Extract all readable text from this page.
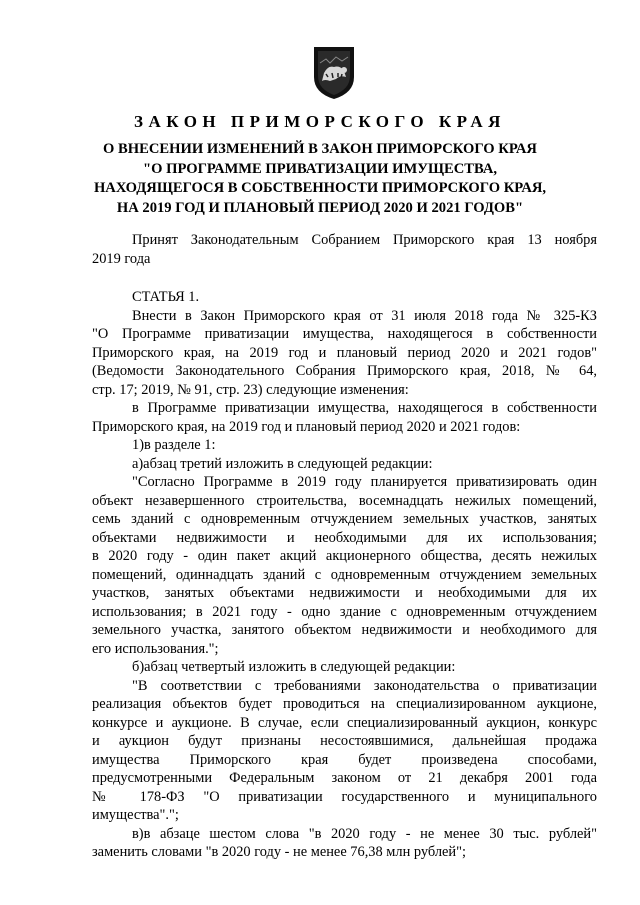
ЗАКОН ПРИМОРСКОГО КРАЯ
О ВНЕСЕНИИ ИЗМЕНЕНИЙ В ЗАКОН ПРИМОРСКОГО КРАЯ
"О ПРОГРАММЕ ПРИВАТИЗАЦИИ ИМУЩЕСТВА,
НАХОДЯЩЕГОСЯ В СОБСТВЕННОСТИ ПРИМОРСКОГО КРАЯ,
НА 2019 ГОД И ПЛАНОВЫЙ ПЕРИОД 2020 И 2021 ГОДОВ"
Принят Законодательным Собранием Приморского края 13 ноября
2019 года
СТАТЬЯ 1.
Внести в Закон Приморского края от 31 июля 2018 года № 325-КЗ
"О Программе приватизации имущества, находящегося в собственности
Приморского края, на 2019 год и плановый период 2020 и 2021 годов"
(Ведомости Законодательного Собрания Приморского края, 2018, № 64,
стр. 17; 2019, № 91, стр. 23) следующие изменения:
в Программе приватизации имущества, находящегося в собственности
Приморского края, на 2019 год и плановый период 2020 и 2021 годов:
1)в разделе 1:
а)абзац третий изложить в следующей редакции:
"Согласно Программе в 2019 году планируется приватизировать один
объект незавершенного строительства, восемнадцать нежилых помещений,
семь зданий с одновременным отчуждением земельных участков, занятых
объектами недвижимости и необходимыми для их использования;
в 2020 году - один пакет акций акционерного общества, десять нежилых
помещений, одиннадцать зданий с одновременным отчуждением земельных
участков, занятых объектами недвижимости и необходимыми для их
использования; в 2021 году - одно здание с одновременным отчуждением
земельного участка, занятого объектом недвижимости и необходимого для
его использования.";
б)абзац четвертый изложить в следующей редакции:
"В соответствии с требованиями законодательства о приватизации
реализация объектов будет проводиться на специализированном аукционе,
конкурсе и аукционе. В случае, если специализированный аукцион, конкурс
и аукцион будут признаны несостоявшимися, дальнейшая продажа
имущества Приморского края будет произведена способами,
предусмотренными Федеральным законом от 21 декабря 2001 года
№ 178-ФЗ "О приватизации государственного и муниципального
имущества".";
в)в абзаце шестом слова "в 2020 году - не менее 30 тыс. рублей"
заменить словами "в 2020 году - не менее 76,38 млн рублей";
